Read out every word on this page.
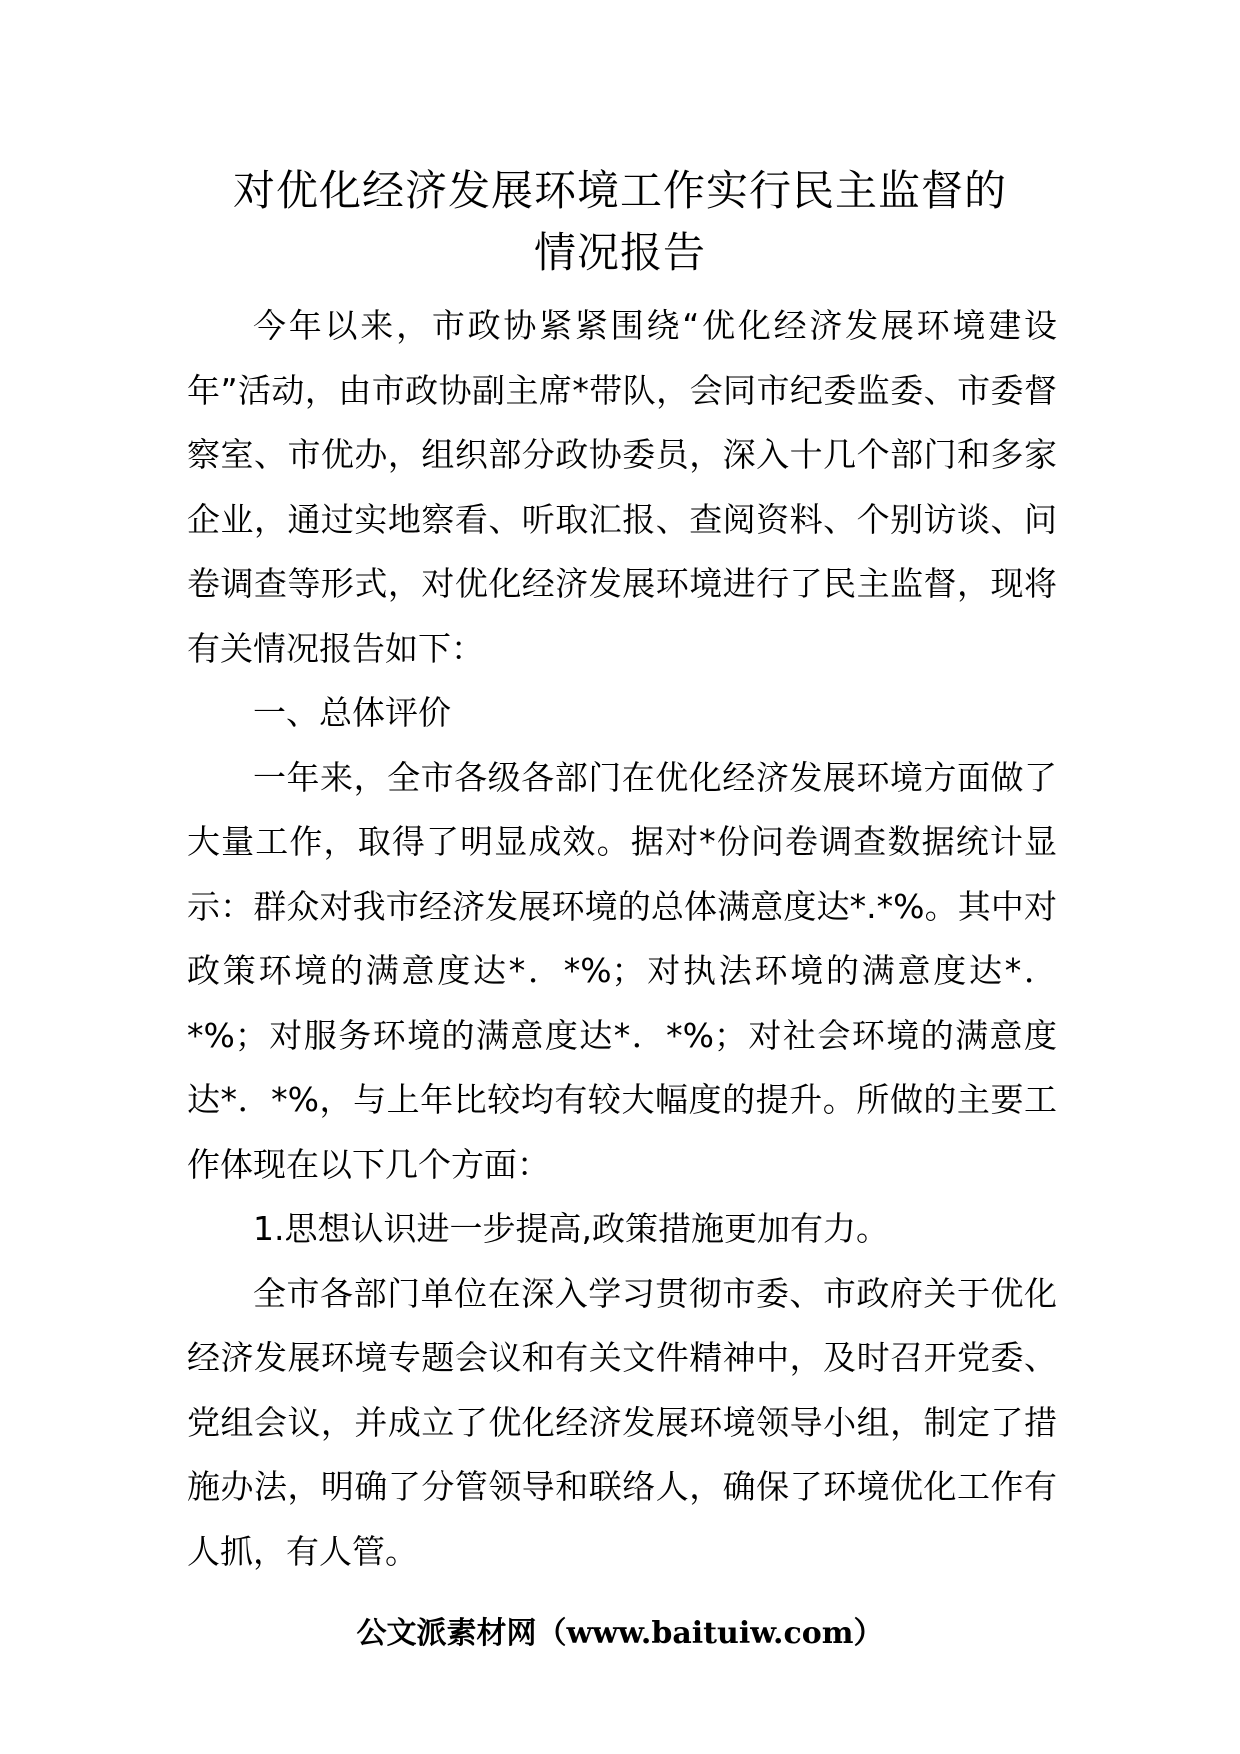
对优化经济发展环境工作实行民主监督的
情况报告

今年以来，市政协紧紧围绕“优化经济发展环境建设年”活动，由市政协副主席*带队，会同市纪委监委、市委督察室、市优办，组织部分政协委员，深入十几个部门和多家企业，通过实地察看、听取汇报、查阅资料、个别访谈、问卷调查等形式，对优化经济发展环境进行了民主监督，现将有关情况报告如下：

一、总体评价

一年来，全市各级各部门在优化经济发展环境方面做了大量工作，取得了明显成效。据对*份问卷调查数据统计显示：群众对我市经济发展环境的总体满意度达*.*%。其中对政策环境的满意度达*．*%；对执法环境的满意度达*．*%；对服务环境的满意度达*．*%；对社会环境的满意度达*．*%，与上年比较均有较大幅度的提升。所做的主要工作体现在以下几个方面：

1.思想认识进一步提高,政策措施更加有力。

全市各部门单位在深入学习贯彻市委、市政府关于优化经济发展环境专题会议和有关文件精神中，及时召开党委、党组会议，并成立了优化经济发展环境领导小组，制定了措施办法，明确了分管领导和联络人，确保了环境优化工作有人抓，有人管。

公文派素材网（www.baituiw.com）
